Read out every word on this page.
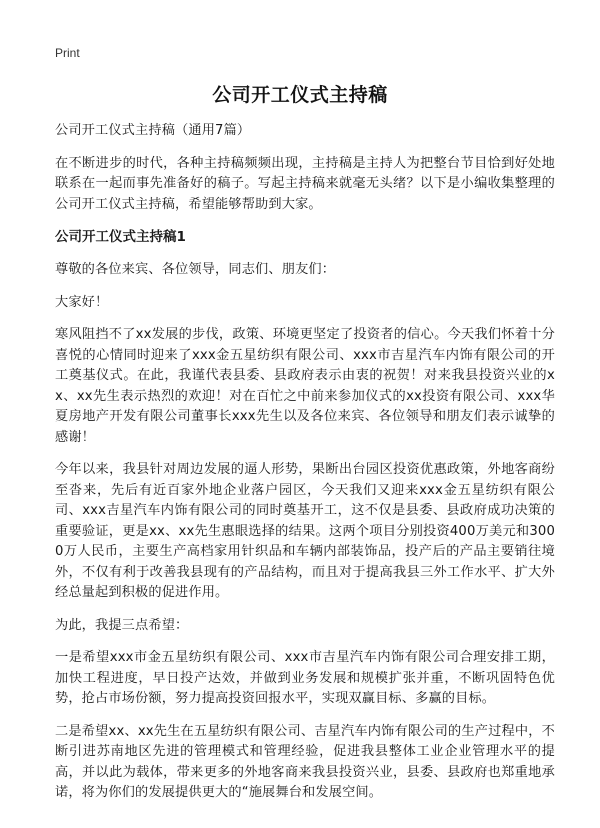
Print
公司开工仪式主持稿

公司开工仪式主持稿（通用7篇）

在不断进步的时代，各种主持稿频频出现，主持稿是主持人为把整台节目恰到好处地联系在一起而事先准备好的稿子。写起主持稿来就毫无头绪？以下是小编收集整理的公司开工仪式主持稿，希望能够帮助到大家。

公司开工仪式主持稿1

尊敬的各位来宾、各位领导，同志们、朋友们：

大家好！

寒风阻挡不了xx发展的步伐，政策、环境更坚定了投资者的信心。今天我们怀着十分喜悦的心情同时迎来了xxx金五星纺织有限公司、xxx市吉星汽车内饰有限公司的开工奠基仪式。在此，我谨代表县委、县政府表示由衷的祝贺！对来我县投资兴业的xx、xx先生表示热烈的欢迎！对在百忙之中前来参加仪式的xx投资有限公司、xxx华夏房地产开发有限公司董事长xxx先生以及各位来宾、各位领导和朋友们表示诚挚的感谢！

今年以来，我县针对周边发展的逼人形势，果断出台园区投资优惠政策，外地客商纷至沓来，先后有近百家外地企业落户园区，今天我们又迎来xxx金五星纺织有限公司、xxx吉星汽车内饰有限公司的同时奠基开工，这不仅是县委、县政府成功决策的重要验证，更是xx、xx先生惠眼选择的结果。这两个项目分别投资400万美元和3000万人民币，主要生产高档家用针织品和车辆内部装饰品，投产后的产品主要销往境外，不仅有利于改善我县现有的产品结构，而且对于提高我县三外工作水平、扩大外经总量起到积极的促进作用。

为此，我提三点希望：

一是希望xxx市金五星纺织有限公司、xxx市吉星汽车内饰有限公司合理安排工期，加快工程进度，早日投产达效，并做到业务发展和规模扩张并重，不断巩固特色优势，抢占市场份额，努力提高投资回报水平，实现双赢目标、多赢的目标。

二是希望xx、xx先生在五星纺织有限公司、吉星汽车内饰有限公司的生产过程中，不断引进苏南地区先进的管理模式和管理经验，促进我县整体工业企业管理水平的提高，并以此为载体，带来更多的外地客商来我县投资兴业，县委、县政府也郑重地承诺，将为你们的发展提供更大的“施展舞台和发展空间。
